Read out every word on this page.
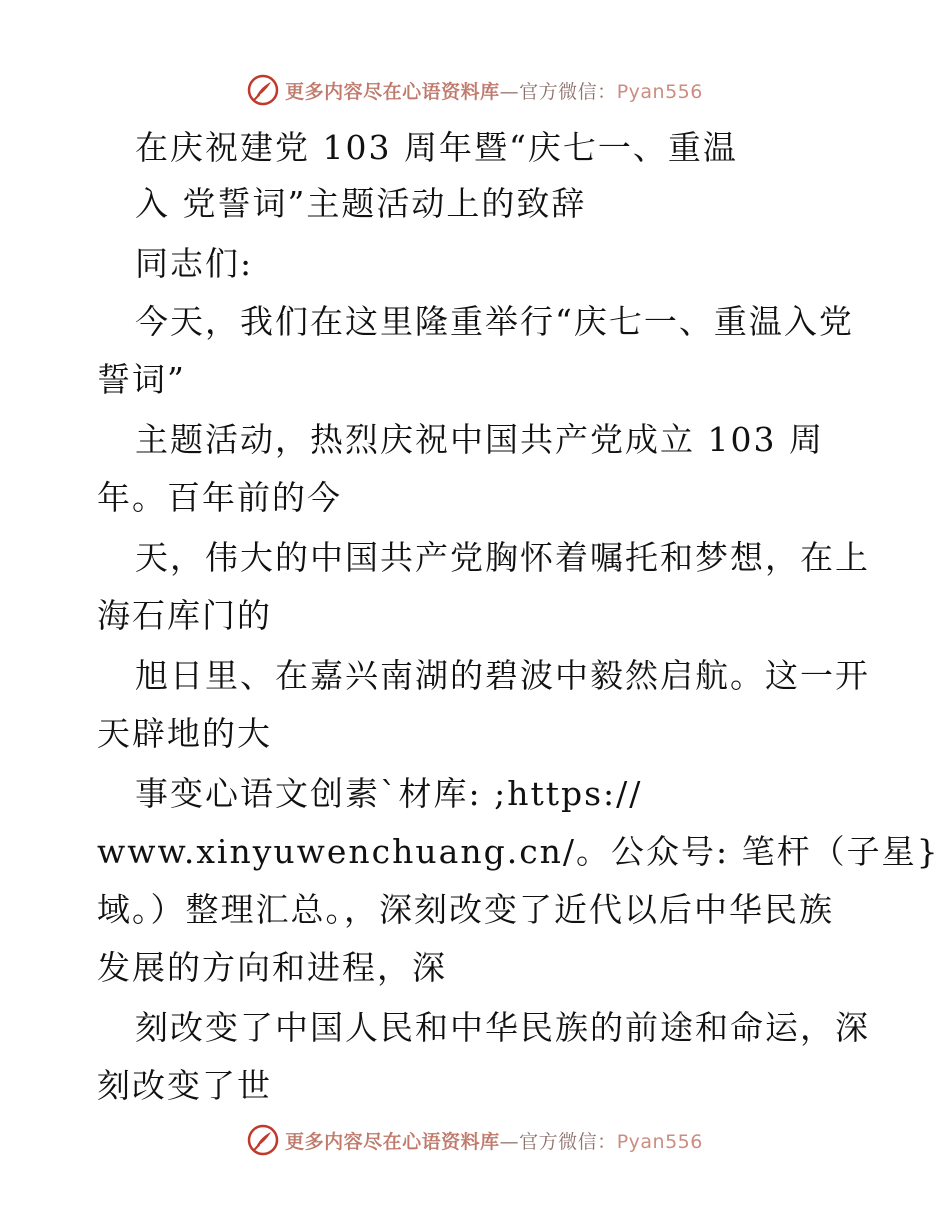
更多内容尽在心语资料库—官方微信：Pyan556
在庆祝建党 103 周年暨“庆七一、重温
入 党誓词”主题活动上的致辞
同志们:
今天，我们在这里隆重举行“庆七一、重温入党
誓词”
主题活动，热烈庆祝中国共产党成立 103 周
年。百年前的今
天，伟大的中国共产党胸怀着嘱托和梦想，在上
海石库门的
旭日里、在嘉兴南湖的碧波中毅然启航。这一开
天辟地的大
事变心语文创素`材库: ;https://
www.xinyuwenchuang.cn/。公众号: 笔杆（子星}
域。）整理汇总。，深刻改变了近代以后中华民族
发展的方向和进程，深
刻改变了中国人民和中华民族的前途和命运，深
刻改变了世
更多内容尽在心语资料库—官方微信：Pyan556
